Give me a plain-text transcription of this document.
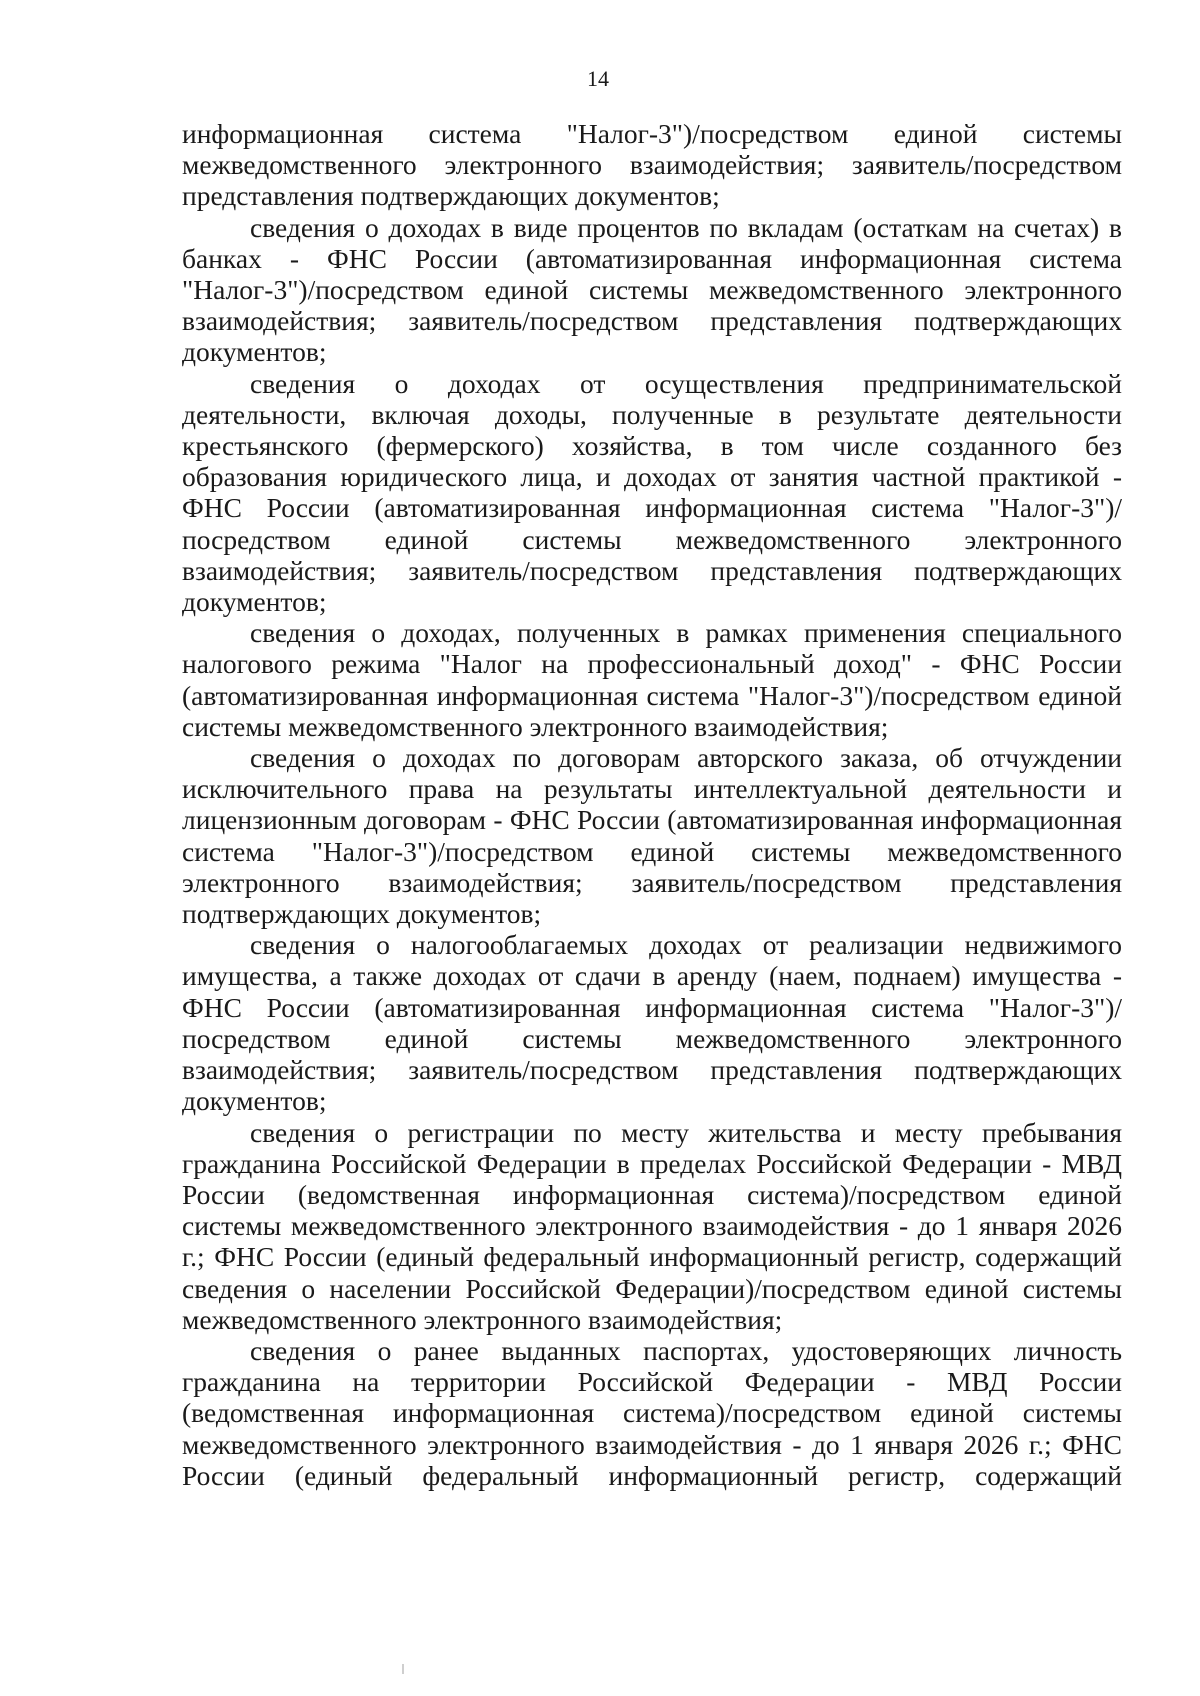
14

информационная система "Налог-3")/посредством единой системы межведомственного электронного взаимодействия; заявитель/посредством представления подтверждающих документов;

сведения о доходах в виде процентов по вкладам (остаткам на счетах) в банках - ФНС России (автоматизированная информационная система "Налог-3")/посредством единой системы межведомственного электронного взаимодействия; заявитель/посредством представления подтверждающих документов;

сведения о доходах от осуществления предпринимательской деятельности, включая доходы, полученные в результате деятельности крестьянского (фермерского) хозяйства, в том числе созданного без образования юридического лица, и доходах от занятия частной практикой - ФНС России (автоматизированная информационная система "Налог-3")/посредством единой системы межведомственного электронного взаимодействия; заявитель/посредством представления подтверждающих документов;

сведения о доходах, полученных в рамках применения специального налогового режима "Налог на профессиональный доход" - ФНС России (автоматизированная информационная система "Налог-3")/посредством единой системы межведомственного электронного взаимодействия;

сведения о доходах по договорам авторского заказа, об отчуждении исключительного права на результаты интеллектуальной деятельности и лицензионным договорам - ФНС России (автоматизированная информационная система "Налог-3")/посредством единой системы межведомственного электронного взаимодействия; заявитель/посредством представления подтверждающих документов;

сведения о налогооблагаемых доходах от реализации недвижимого имущества, а также доходах от сдачи в аренду (наем, поднаем) имущества - ФНС России (автоматизированная информационная система "Налог-3")/посредством единой системы межведомственного электронного взаимодействия; заявитель/посредством представления подтверждающих документов;

сведения о регистрации по месту жительства и месту пребывания гражданина Российской Федерации в пределах Российской Федерации - МВД России (ведомственная информационная система)/посредством единой системы межведомственного электронного взаимодействия - до 1 января 2026 г.; ФНС России (единый федеральный информационный регистр, содержащий сведения о населении Российской Федерации)/посредством единой системы межведомственного электронного взаимодействия;

сведения о ранее выданных паспортах, удостоверяющих личность гражданина на территории Российской Федерации - МВД России (ведомственная информационная система)/посредством единой системы межведомственного электронного взаимодействия - до 1 января 2026 г.; ФНС России (единый федеральный информационный регистр, содержащий
